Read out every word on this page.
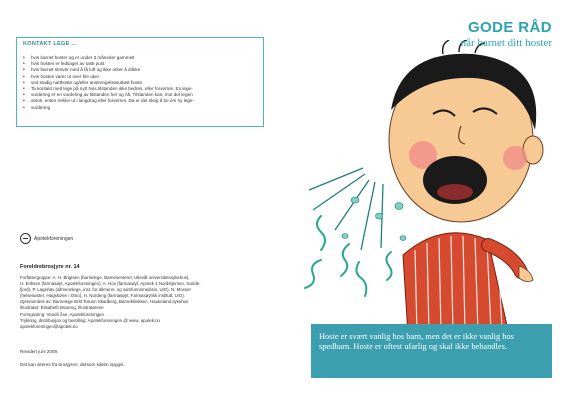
KONTAKT LEGE ...
• hvis barnet hoster og er under 3 måneder gammelt
• hvis hosten er ledsaget av rask pust
• hvis barnet strever med å få luft og ikke orker å drikke
• hvis hosten varer ut over fire uker
• ved stadig natthoste og/eller anstrengelsesutløst hoste
• Ta kontakt med lege på nytt hvis tilstanden ikke bedres, eller forverres. En lege-
• vurdering er en vurdering av tilstanden her og nå. Tilstanden kan, mot det legen
• antok, enten trekke ut i langdrag eller forverres. Da er det riktig å be om ny lege-
• vurdering
Apotekforeningen
Foreldrebrosjyre nr. 14

Forfattergruppe: A. H. Brigtsen (barnelege, Barnesenteret, Ullevål universitetssykehus),

U. Eriksen (farmasøyt, Apotekforeningen), A. Hov (farmasøyt, Apotek 1 Nordstjernen, Sande-

fjord), P. Lagerløv (allmennlege, inst. for allmenn- og samfunnsmedisin, UiO), N. Mosser

(helsesøster, Høgskolen i Oslo), H. Nordeng (farmasøyt, Farmasøytisk institutt, UiO).

Gjennomlest av: Barnelege Britt Torunn Skadberg, Barneklinikken, Haukeland sykehus

Illustratør: Elisabeth Moseng, Illustratørene

Formgivning: Vendil Åse, Apotekforeningen

Trykking, distribusjon og bestilling: Apotekforeningen @ www. apotek.no

apotekforeningen@apotek.no

Revidert juni 2009.
Det kan siteres fra brosjyren, dersom kilden oppgis.
GODE RÅD
når barnet ditt hoster

Hoste er svært vanlig hos barn, men det er ikke vanlig hos spedbarn. Hoste er oftest ufarlig og skal ikke behandles.
